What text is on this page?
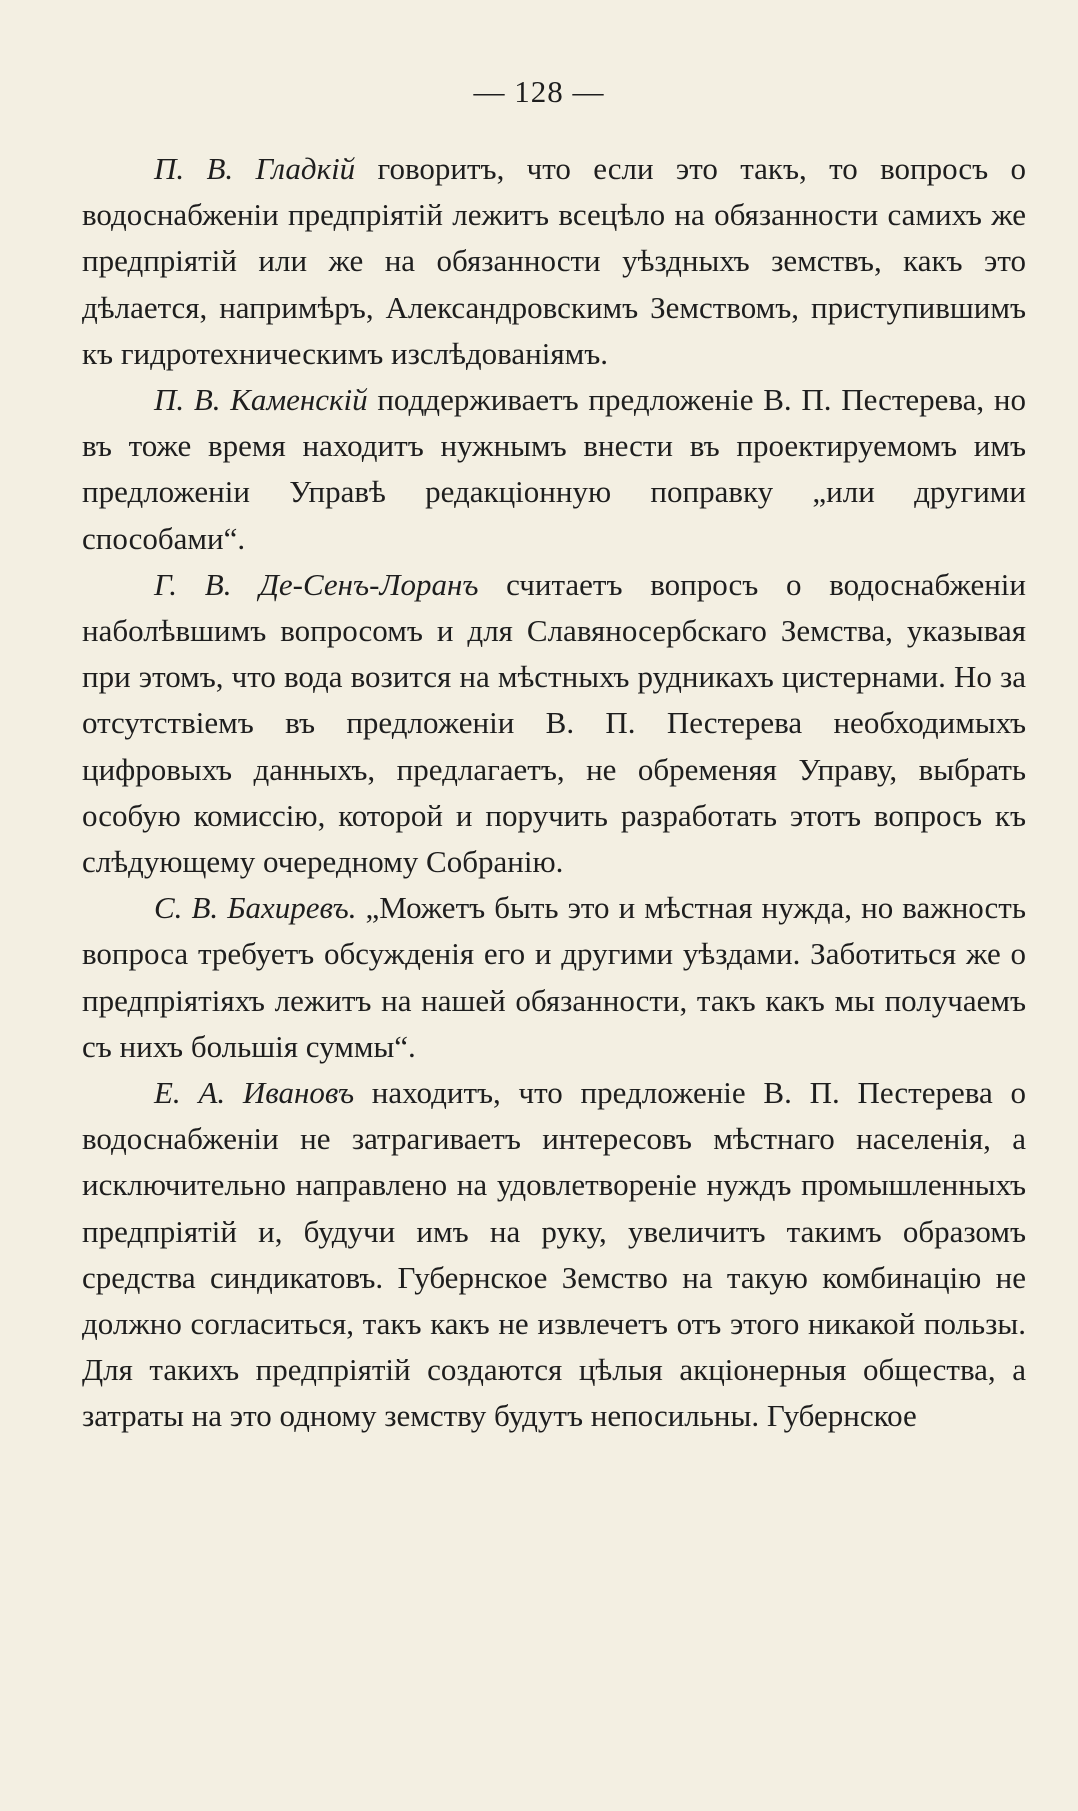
— 128 —

П. В. Гладкій говоритъ, что если это такъ, то вопросъ о водоснабженіи предпріятій лежитъ всецѣло на обязанности самихъ же предпріятій или же на обязанности уѣздныхъ земствъ, какъ это дѣлается, напримѣръ, Александровскимъ Земствомъ, приступившимъ къ гидротехническимъ изслѣдованіямъ.

П. В. Каменскій поддерживаетъ предложеніе В. П. Пестерева, но въ тоже время находитъ нужнымъ внести въ проектируемомъ имъ предложеніи Управѣ редакціонную поправку „или другими способами“.

Г. В. Де-Сенъ-Лоранъ считаетъ вопросъ о водоснабженіи наболѣвшимъ вопросомъ и для Славяносербскаго Земства, указывая при этомъ, что вода возится на мѣстныхъ рудникахъ цистернами. Но за отсутствіемъ въ предложеніи В. П. Пестерева необходимыхъ цифровыхъ данныхъ, предлагаетъ, не обременяя Управу, выбрать особую комиссію, которой и поручить разработать этотъ вопросъ къ слѣдующему очередному Собранію.

С. В. Бахиревъ. „Можетъ быть это и мѣстная нужда, но важность вопроса требуетъ обсужденія его и другими уѣздами. Заботиться же о предпріятіяхъ лежитъ на нашей обязанности, такъ какъ мы получаемъ съ нихъ большія суммы“.

Е. А. Ивановъ находитъ, что предложеніе В. П. Пестерева о водоснабженіи не затрагиваетъ интересовъ мѣстнаго населенія, а исключительно направлено на удовлетвореніе нуждъ промышленныхъ предпріятій и, будучи имъ на руку, увеличитъ такимъ образомъ средства синдикатовъ. Губернское Земство на такую комбинацію не должно согласиться, такъ какъ не извлечетъ отъ этого никакой пользы. Для такихъ предпріятій создаются цѣлыя акціонерныя общества, а затраты на это одному земству будутъ непосильны. Губернское
